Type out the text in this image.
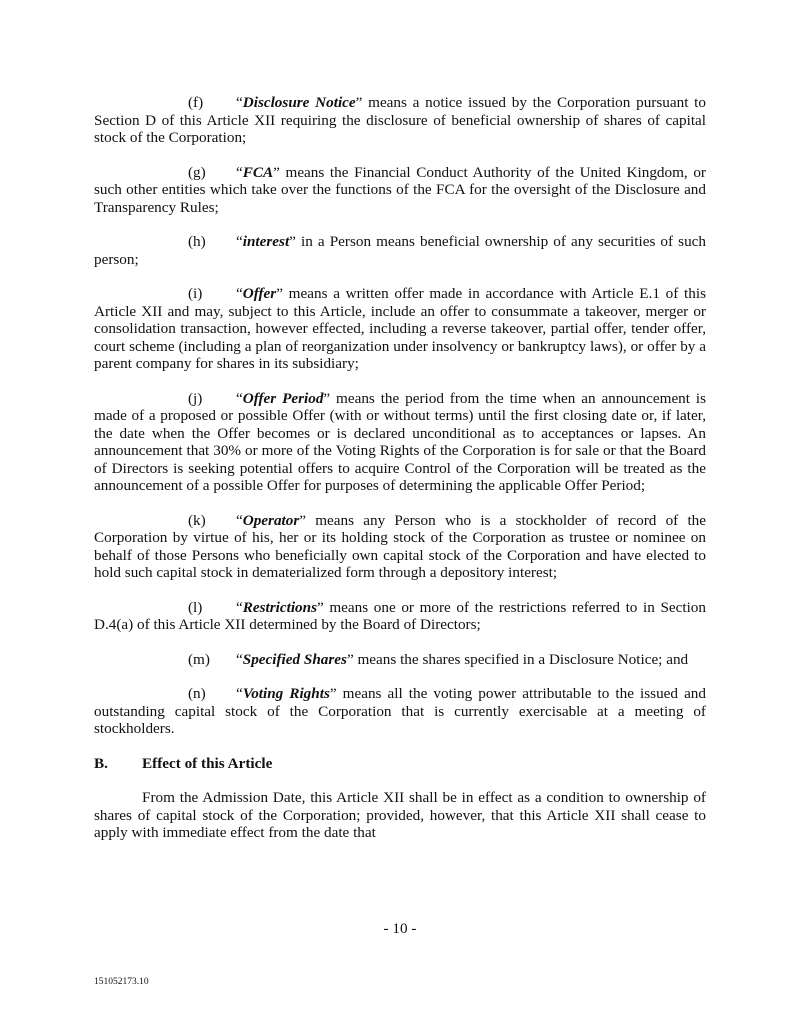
(f) “Disclosure Notice” means a notice issued by the Corporation pursuant to Section D of this Article XII requiring the disclosure of beneficial ownership of shares of capital stock of the Corporation;

(g) “FCA” means the Financial Conduct Authority of the United Kingdom, or such other entities which take over the functions of the FCA for the oversight of the Disclosure and Transparency Rules;

(h) “interest” in a Person means beneficial ownership of any securities of such person;

(i) “Offer” means a written offer made in accordance with Article E.1 of this Article XII and may, subject to this Article, include an offer to consummate a takeover, merger or consolidation transaction, however effected, including a reverse takeover, partial offer, tender offer, court scheme (including a plan of reorganization under insolvency or bankruptcy laws), or offer by a parent company for shares in its subsidiary;

(j) “Offer Period” means the period from the time when an announcement is made of a proposed or possible Offer (with or without terms) until the first closing date or, if later, the date when the Offer becomes or is declared unconditional as to acceptances or lapses. An announcement that 30% or more of the Voting Rights of the Corporation is for sale or that the Board of Directors is seeking potential offers to acquire Control of the Corporation will be treated as the announcement of a possible Offer for purposes of determining the applicable Offer Period;

(k) “Operator” means any Person who is a stockholder of record of the Corporation by virtue of his, her or its holding stock of the Corporation as trustee or nominee on behalf of those Persons who beneficially own capital stock of the Corporation and have elected to hold such capital stock in dematerialized form through a depository interest;

(l) “Restrictions” means one or more of the restrictions referred to in Section D.4(a) of this Article XII determined by the Board of Directors;

(m) “Specified Shares” means the shares specified in a Disclosure Notice; and

(n) “Voting Rights” means all the voting power attributable to the issued and outstanding capital stock of the Corporation that is currently exercisable at a meeting of stockholders.

B. Effect of this Article

From the Admission Date, this Article XII shall be in effect as a condition to ownership of shares of capital stock of the Corporation; provided, however, that this Article XII shall cease to apply with immediate effect from the date that

- 10 -
151052173.10
